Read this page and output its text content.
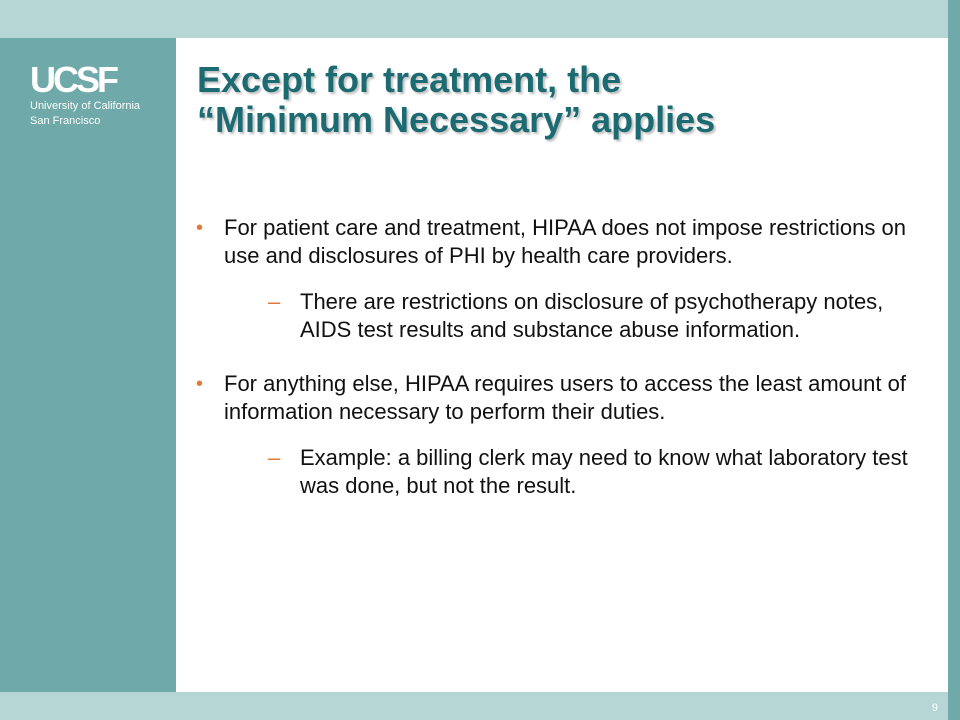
UCSF
University of California
San Francisco
Except for treatment, the
“Minimum Necessary” applies
• For patient care and treatment, HIPAA does not impose restrictions on use and disclosures of PHI by health care providers.
– There are restrictions on disclosure of psychotherapy notes, AIDS test results and substance abuse information.
• For anything else, HIPAA requires users to access the least amount of information necessary to perform their duties.
– Example: a billing clerk may need to know what laboratory test was done, but not the result.
9
